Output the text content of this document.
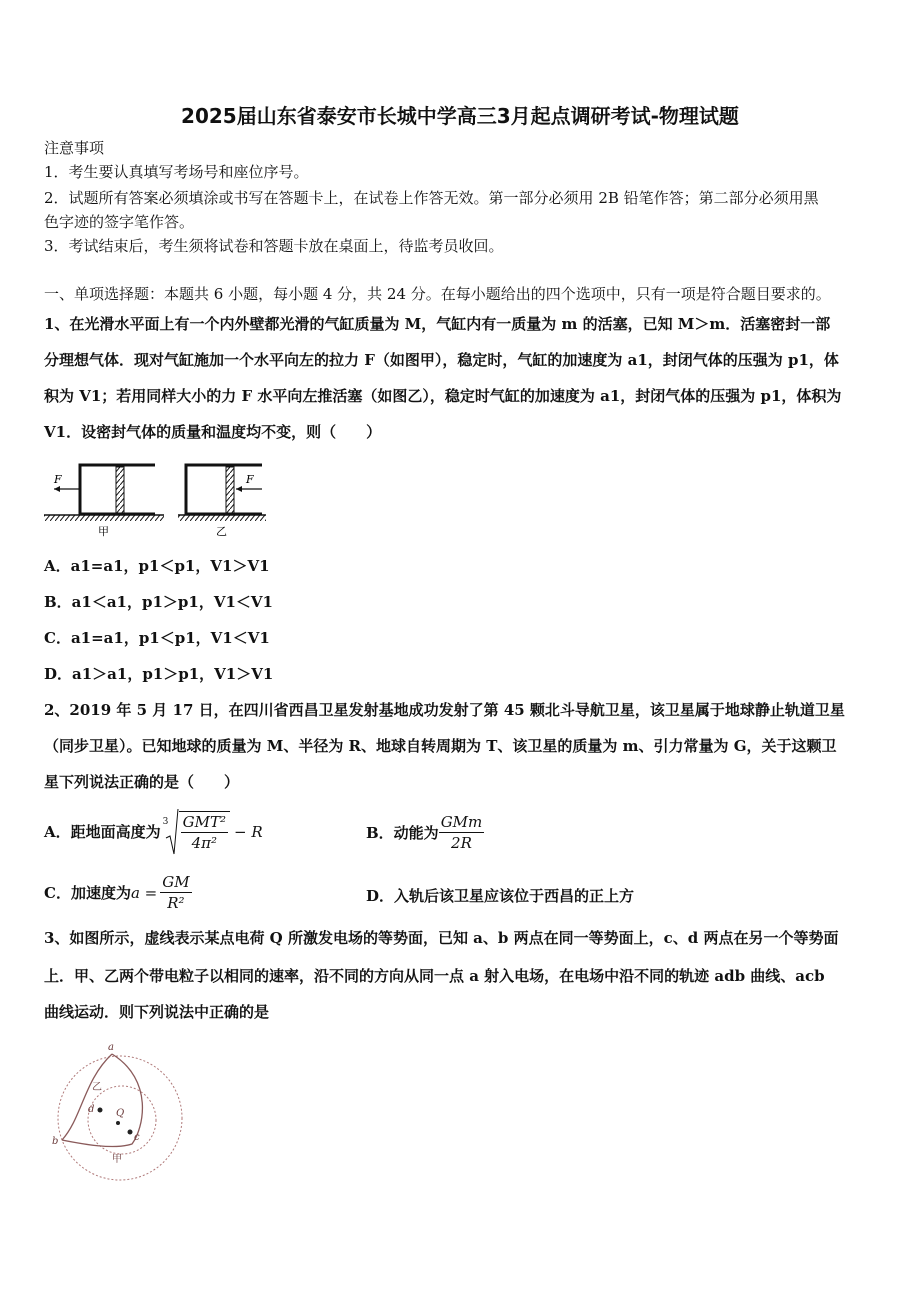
2025届山东省泰安市长城中学高三3月起点调研考试-物理试题
注意事项
1．考生要认真填写考场号和座位序号。
2．试题所有答案必须填涂或书写在答题卡上，在试卷上作答无效。第一部分必须用 2B 铅笔作答；第二部分必须用黑
色字迹的签字笔作答。
3．考试结束后，考生须将试卷和答题卡放在桌面上，待监考员收回。
一、单项选择题：本题共 6 小题，每小题 4 分，共 24 分。在每小题给出的四个选项中，只有一项是符合题目要求的。
1、在光滑水平面上有一个内外壁都光滑的气缸质量为 M，气缸内有一质量为 m 的活塞，已知 M＞m．活塞密封一部
分理想气体．现对气缸施加一个水平向左的拉力 F（如图甲），稳定时，气缸的加速度为 a1，封闭气体的压强为 p1，体
积为 V1；若用同样大小的力 F 水平向左推活塞（如图乙），稳定时气缸的加速度为 a1，封闭气体的压强为 p1，体积为
V1．设密封气体的质量和温度均不变，则（　　）
F
甲
F
乙
A．a1=a1，p1＜p1，V1＞V1
B．a1＜a1，p1＞p1，V1＜V1
C．a1=a1，p1＜p1，V1＜V1
D．a1＞a1，p1＞p1，V1＞V1
2、2019 年 5 月 17 日，在四川省西昌卫星发射基地成功发射了第 45 颗北斗导航卫星，该卫星属于地球静止轨道卫星
（同步卫星）。已知地球的质量为 M、半径为 R、地球自转周期为 T、该卫星的质量为 m、引力常量为 G，关于这颗卫
星下列说法正确的是（　　）
A．距地面高度为
$3 \frac{\text{GMT²}}{\text{4π²}} - R$	B．动能为 $\frac{\text{GMm}}{2R}$
C．加速度为 $a = \frac{GM}{\text{R²}}$	D．入轨后该卫星应该位于西昌的正上方
3、如图所示，虚线表示某点电荷 Q 所激发电场的等势面，已知 a、b 两点在同一等势面上，c、d 两点在另一个等势面
上．甲、乙两个带电粒子以相同的速率，沿不同的方向从同一点 a 射入电场，在电场中沿不同的轨迹 adb 曲线、acb
曲线运动．则下列说法中正确的是
a
b	c
d Q
乙
甲
